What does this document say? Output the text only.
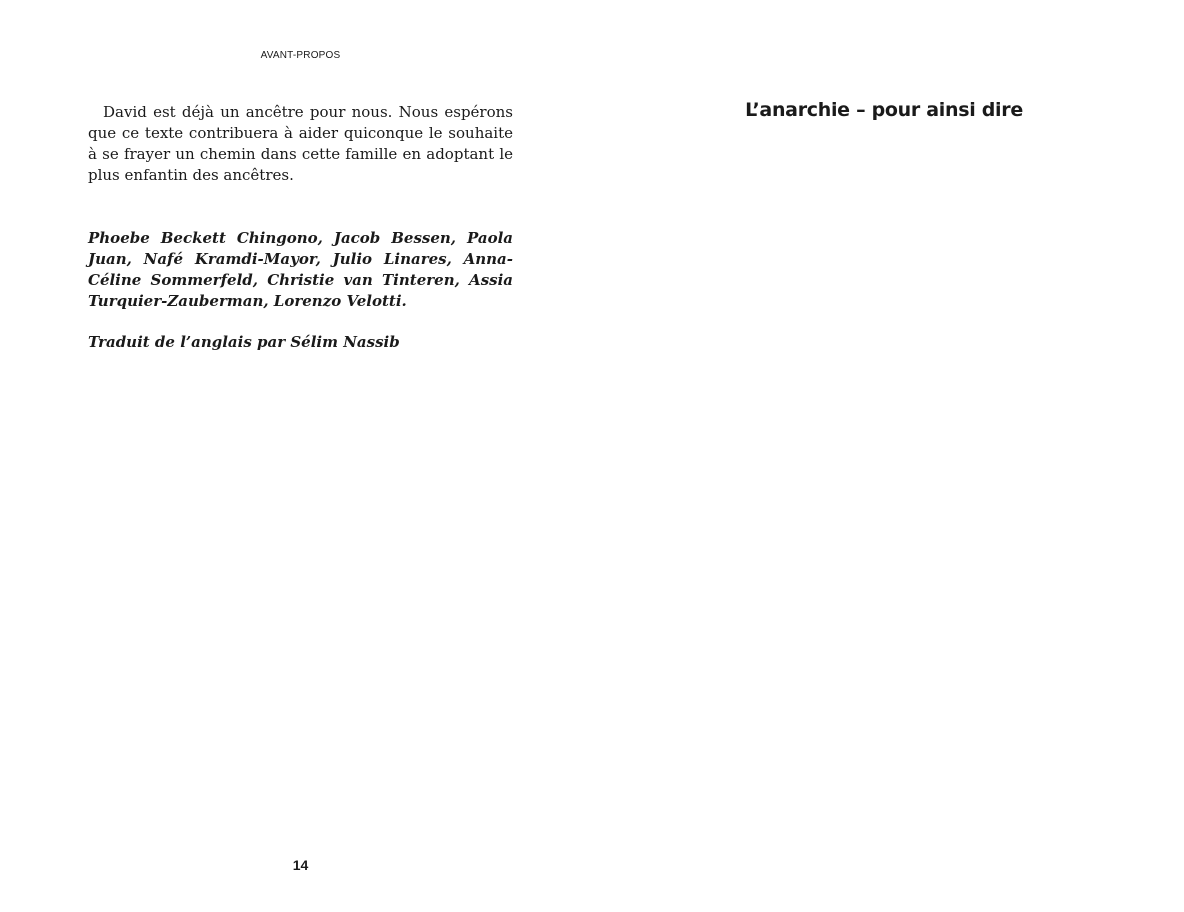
AVANT-PROPOS

David est déjà un ancêtre pour nous. Nous espérons que ce texte contribuera à aider quiconque le souhaite à se frayer un chemin dans cette famille en adoptant le plus enfantin des ancêtres.

Phoebe Beckett Chingono, Jacob Bessen, Paola Juan, Nafé Kramdi-Mayor, Julio Linares, Anna-Céline Sommerfeld, Christie van Tinteren, Assia Turquier-Zauberman, Lorenzo Velotti.

Traduit de l’anglais par Sélim Nassib

14
L’anarchie – pour ainsi dire
